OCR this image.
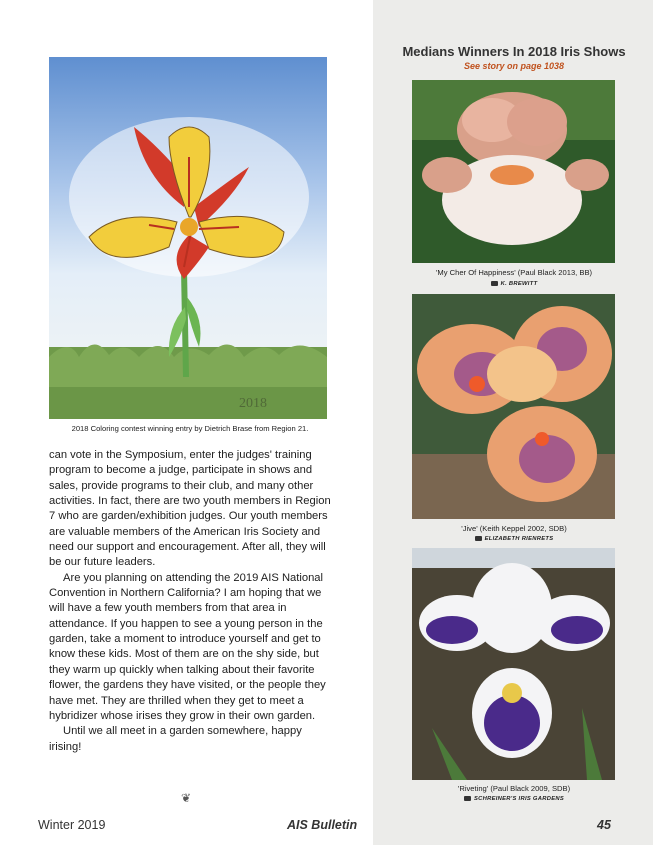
2018
2018 Coloring contest winning entry by Dietrich Brase from Region 21.

can vote in the Symposium, enter the judges' training program to become a judge, participate in shows and sales, provide programs to their club, and many other activities. In fact, there are two youth members in Region 7 who are garden/exhibition judges. Our youth members are valuable members of the American Iris Society and need our support and encouragement. After all, they will be our future leaders.

Are you planning on attending the 2019 AIS National Convention in Northern California? I am hoping that we will have a few youth members from that area in attendance. If you happen to see a young person in the garden, take a moment to introduce yourself and get to know these kids. Most of them are on the shy side, but they warm up quickly when talking about their favorite flower, the gardens they have visited, or the people they have met. They are thrilled when they get to meet a hybridizer whose irises they grow in their own garden.

Until we all meet in a garden somewhere, happy irising!

❦
Medians Winners In 2018 Iris Shows
See story on page 1038
'My Cher Of Happiness' (Paul Black 2013, BB)
K. BREWITT
'Jive' (Keith Keppel 2002, SDB)
ELIZABETH RIENRETS
'Riveting' (Paul Black 2009, SDB)
SCHREINER'S IRIS GARDENS
Winter 2019	AIS Bulletin	45
